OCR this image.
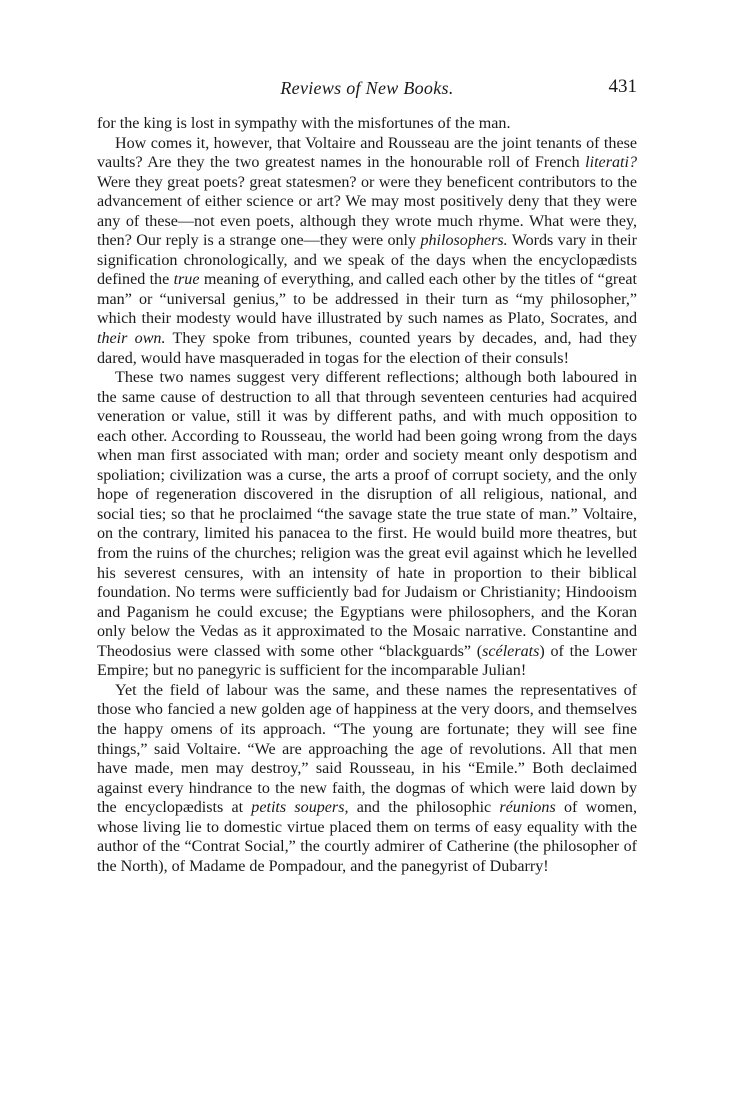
Reviews of New Books.	431

for the king is lost in sympathy with the misfortunes of the man.

How comes it, however, that Voltaire and Rousseau are the joint tenants of these vaults? Are they the two greatest names in the honourable roll of French literati? Were they great poets? great statesmen? or were they beneficent contributors to the advancement of either science or art? We may most positively deny that they were any of these—not even poets, although they wrote much rhyme. What were they, then? Our reply is a strange one—they were only philosophers. Words vary in their signification chronologically, and we speak of the days when the encyclopædists defined the true meaning of everything, and called each other by the titles of “great man” or “universal genius,” to be addressed in their turn as “my philosopher,” which their modesty would have illustrated by such names as Plato, Socrates, and their own. They spoke from tribunes, counted years by decades, and, had they dared, would have masqueraded in togas for the election of their consuls!

These two names suggest very different reflections; although both laboured in the same cause of destruction to all that through seventeen centuries had acquired veneration or value, still it was by different paths, and with much opposition to each other. According to Rousseau, the world had been going wrong from the days when man first associated with man; order and society meant only despotism and spoliation; civilization was a curse, the arts a proof of corrupt society, and the only hope of regeneration discovered in the disruption of all religious, national, and social ties; so that he proclaimed “the savage state the true state of man.” Voltaire, on the contrary, limited his panacea to the first. He would build more theatres, but from the ruins of the churches; religion was the great evil against which he levelled his severest censures, with an intensity of hate in proportion to their biblical foundation. No terms were sufficiently bad for Judaism or Christianity; Hindooism and Paganism he could excuse; the Egyptians were philosophers, and the Koran only below the Vedas as it approximated to the Mosaic narrative. Constantine and Theodosius were classed with some other “blackguards” (scélerats) of the Lower Empire; but no panegyric is sufficient for the incomparable Julian!

Yet the field of labour was the same, and these names the representatives of those who fancied a new golden age of happiness at the very doors, and themselves the happy omens of its approach. “The young are fortunate; they will see fine things,” said Voltaire. “We are approaching the age of revolutions. All that men have made, men may destroy,” said Rousseau, in his “Emile.” Both declaimed against every hindrance to the new faith, the dogmas of which were laid down by the encyclopædists at petits soupers, and the philosophic réunions of women, whose living lie to domestic virtue placed them on terms of easy equality with the author of the “Contrat Social,” the courtly admirer of Catherine (the philosopher of the North), of Madame de Pompadour, and the panegyrist of Dubarry!
